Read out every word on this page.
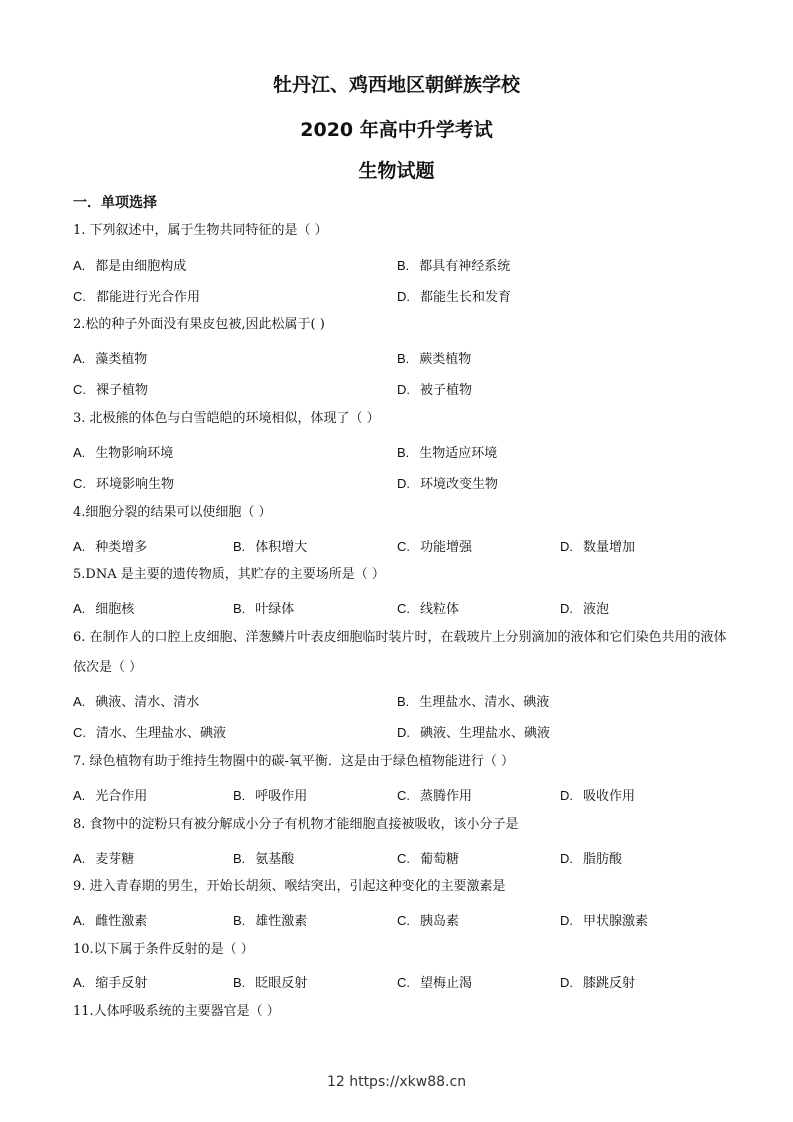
牡丹江、鸡西地区朝鲜族学校
2020 年高中升学考试
生物试题
一．单项选择
1. 下列叙述中，属于生物共同特征的是（ ）
A. 都是由细胞构成	B. 都具有神经系统
C. 都能进行光合作用	D. 都能生长和发育
2.松的种子外面没有果皮包被,因此松属于( )
A. 藻类植物	B. 蕨类植物
C. 裸子植物	D. 被子植物
3. 北极熊的体色与白雪皑皑的环境相似，体现了（ ）
A. 生物影响环境	B. 生物适应环境
C. 环境影响生物	D. 环境改变生物
4.细胞分裂的结果可以使细胞（ ）
A. 种类增多	B. 体积增大	C. 功能增强	D. 数量增加
5.DNA 是主要的遗传物质，其贮存的主要场所是（ ）
A. 细胞核	B. 叶绿体	C. 线粒体	D. 液泡
6. 在制作人的口腔上皮细胞、洋葱鳞片叶表皮细胞临时装片时，在载玻片上分别滴加的液体和它们染色共用的液体依次是（ ）
A. 碘液、清水、清水	B. 生理盐水、清水、碘液
C. 清水、生理盐水、碘液	D. 碘液、生理盐水、碘液
7. 绿色植物有助于维持生物圈中的碳-氧平衡．这是由于绿色植物能进行（ ）
A. 光合作用	B. 呼吸作用	C. 蒸腾作用	D. 吸收作用
8. 食物中的淀粉只有被分解成小分子有机物才能细胞直接被吸收，该小分子是
A. 麦芽糖	B. 氨基酸	C. 葡萄糖	D. 脂肪酸
9. 进入青春期的男生，开始长胡须、喉结突出，引起这种变化的主要激素是
A. 雌性激素	B. 雄性激素	C. 胰岛素	D. 甲状腺激素
10.以下属于条件反射的是（ ）
A. 缩手反射	B. 眨眼反射	C. 望梅止渴	D. 膝跳反射
11.人体呼吸系统的主要器官是（ ）
12 https://xkw88.cn
